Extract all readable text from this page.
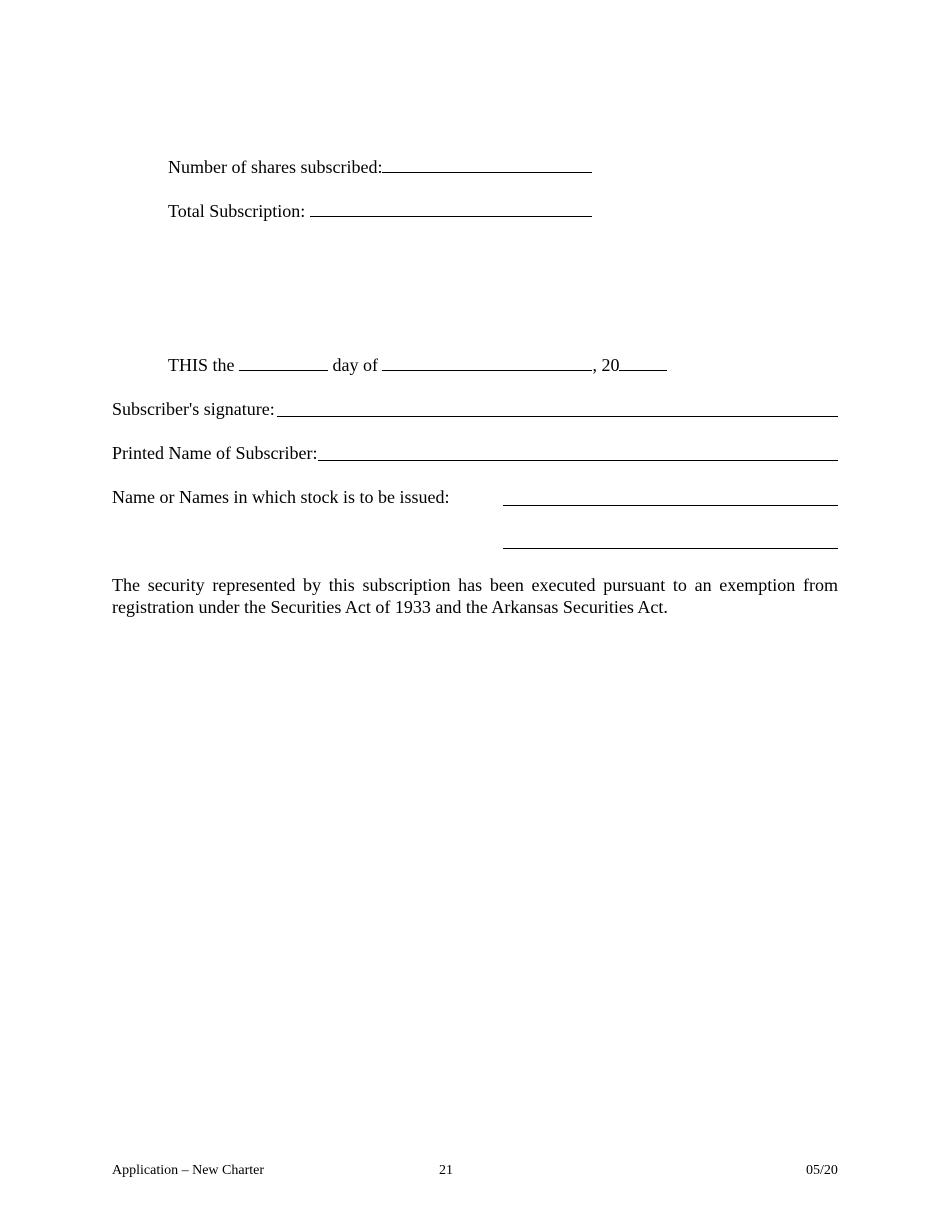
Number of shares subscribed:
Total Subscription:
THIS the	day of	, 20
Subscriber's signature:
Printed Name of Subscriber:
Name or Names in which stock is to be issued:
The security represented by this subscription has been executed pursuant to an exemption from registration under the Securities Act of 1933 and the Arkansas Securities Act.
Application – New Charter	21	05/20
